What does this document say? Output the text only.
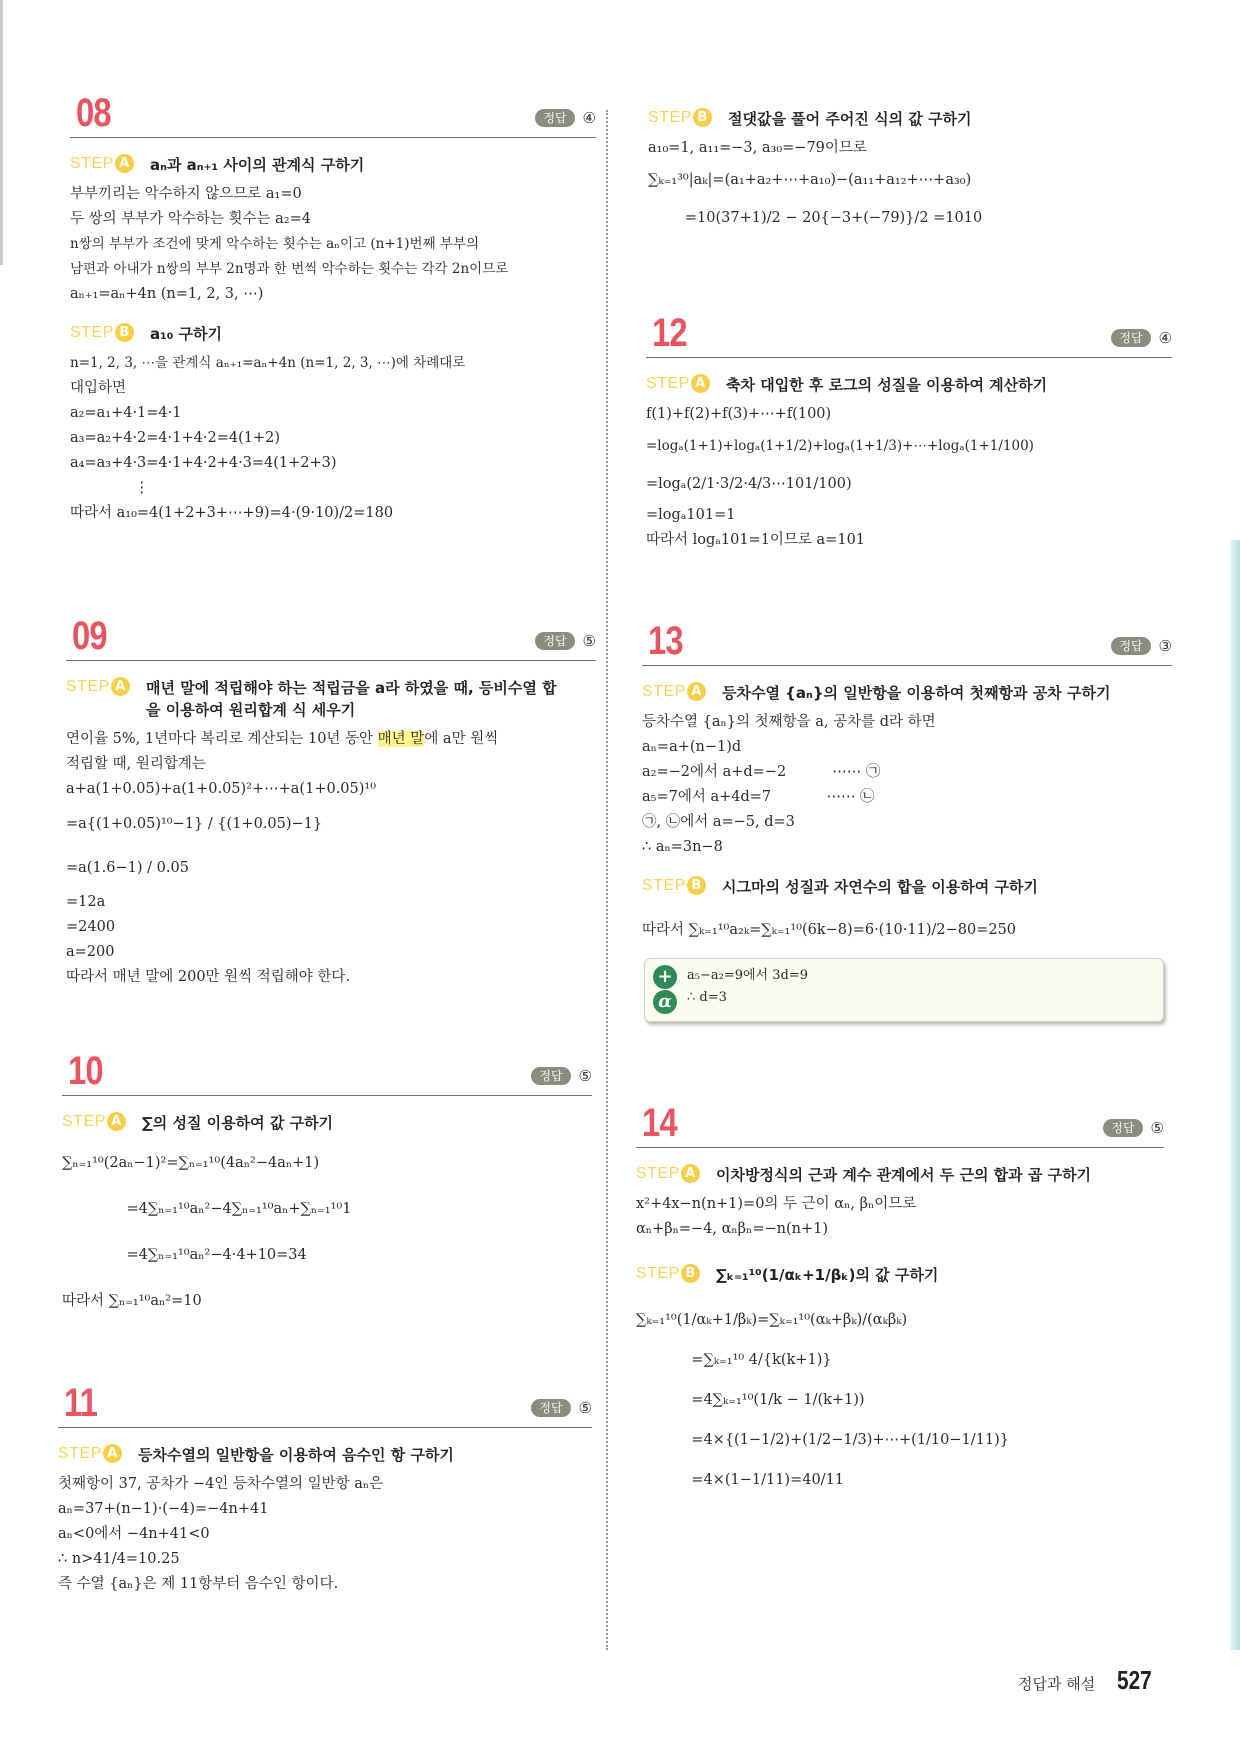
08	정답	④
STEP A aₙ과 aₙ₊₁ 사이의 관계식 구하기
부부끼리는 악수하지 않으므로 a₁=0
두 쌍의 부부가 악수하는 횟수는 a₂=4
n쌍의 부부가 조건에 맞게 악수하는 횟수는 aₙ이고 (n+1)번째 부부의
남편과 아내가 n쌍의 부부 2n명과 한 번씩 악수하는 횟수는 각각 2n이므로
aₙ₊₁=aₙ+4n (n=1, 2, 3, ⋯)
STEP B	a₁₀ 구하기
n=1, 2, 3, ⋯을 관계식 aₙ₊₁=aₙ+4n (n=1, 2, 3, ⋯)에 차례대로
대입하면
a₂=a₁+4·1=4·1
a₃=a₂+4·2=4·1+4·2=4(1+2)
a₄=a₃+4·3=4·1+4·2+4·3=4(1+2+3)
⋮
따라서 a₁₀=4(1+2+3+⋯+9)=4·(9·10)/2=180
09	정답	⑤
STEP A 매년 말에 적립해야 하는 적립금을 a라 하였을 때, 등비수열 합을 이용하여 원리합계 식 세우기
연이율 5%, 1년마다 복리로 계산되는 10년 동안 매년 말에 a만 원씩
적립할 때, 원리합계는
a+a(1+0.05)+a(1+0.05)²+⋯+a(1+0.05)¹⁰
=a{(1+0.05)¹⁰−1} / {(1+0.05)−1}
=a(1.6−1) / 0.05
=12a
=2400
a=200
따라서 매년 말에 200만 원씩 적립해야 한다.
10	정답	⑤
STEP A ∑의 성질 이용하여 값 구하기
∑ₙ₌₁¹⁰(2aₙ−1)²=∑ₙ₌₁¹⁰(4aₙ²−4aₙ+1)
=4∑ₙ₌₁¹⁰aₙ²−4∑ₙ₌₁¹⁰aₙ+∑ₙ₌₁¹⁰1
=4∑ₙ₌₁¹⁰aₙ²−4·4+10=34
따라서 ∑ₙ₌₁¹⁰aₙ²=10
11	정답	⑤
STEP A 등차수열의 일반항을 이용하여 음수인 항 구하기
첫째항이 37, 공차가 −4인 등차수열의 일반항 aₙ은
aₙ=37+(n−1)·(−4)=−4n+41
aₙ<0에서 −4n+41<0
∴ n>41/4=10.25
즉 수열 {aₙ}은 제 11항부터 음수인 항이다.
STEP B	절댓값을 풀어 주어진 식의 값 구하기
a₁₀=1, a₁₁=−3, a₃₀=−79이므로
∑ₖ₌₁³⁰|aₖ|=(a₁+a₂+⋯+a₁₀)−(a₁₁+a₁₂+⋯+a₃₀)
=10(37+1)/2 − 20{−3+(−79)}/2 =1010
12	정답	④
STEP A 축차 대입한 후 로그의 성질을 이용하여 계산하기
f(1)+f(2)+f(3)+⋯+f(100)
=logₐ(1+1)+logₐ(1+1/2)+logₐ(1+1/3)+⋯+logₐ(1+1/100)
=logₐ(2/1·3/2·4/3⋯101/100)
=logₐ101=1
따라서 logₐ101=1이므로 a=101
13	정답	③
STEP A 등차수열 {aₙ}의 일반항을 이용하여 첫째항과 공차 구하기
등차수열 {aₙ}의 첫째항을 a, 공차를 d라 하면
aₙ=a+(n−1)d
a₂=−2에서 a+d=−2          ⋯⋯ ㉠
a₅=7에서 a+4d=7            ⋯⋯ ㉡
㉠, ㉡에서 a=−5, d=3
∴ aₙ=3n−8
STEP B	시그마의 성질과 자연수의 합을 이용하여 구하기
따라서 ∑ₖ₌₁¹⁰a₂ₖ=∑ₖ₌₁¹⁰(6k−8)=6·(10·11)/2−80=250
+
α
a₅−a₂=9에서 3d=9
∴ d=3
14	정답	⑤
STEP A 이차방정식의 근과 계수 관계에서 두 근의 합과 곱 구하기
x²+4x−n(n+1)=0의 두 근이 αₙ, βₙ이므로
αₙ+βₙ=−4, αₙβₙ=−n(n+1)
STEP B	∑ₖ₌₁¹⁰(1/αₖ+1/βₖ)의 값 구하기
∑ₖ₌₁¹⁰(1/αₖ+1/βₖ)=∑ₖ₌₁¹⁰(αₖ+βₖ)/(αₖβₖ)
=∑ₖ₌₁¹⁰ 4/{k(k+1)}
=4∑ₖ₌₁¹⁰(1/k − 1/(k+1))
=4×{(1−1/2)+(1/2−1/3)+⋯+(1/10−1/11)}
=4×(1−1/11)=40/11
정답과 해설 527
